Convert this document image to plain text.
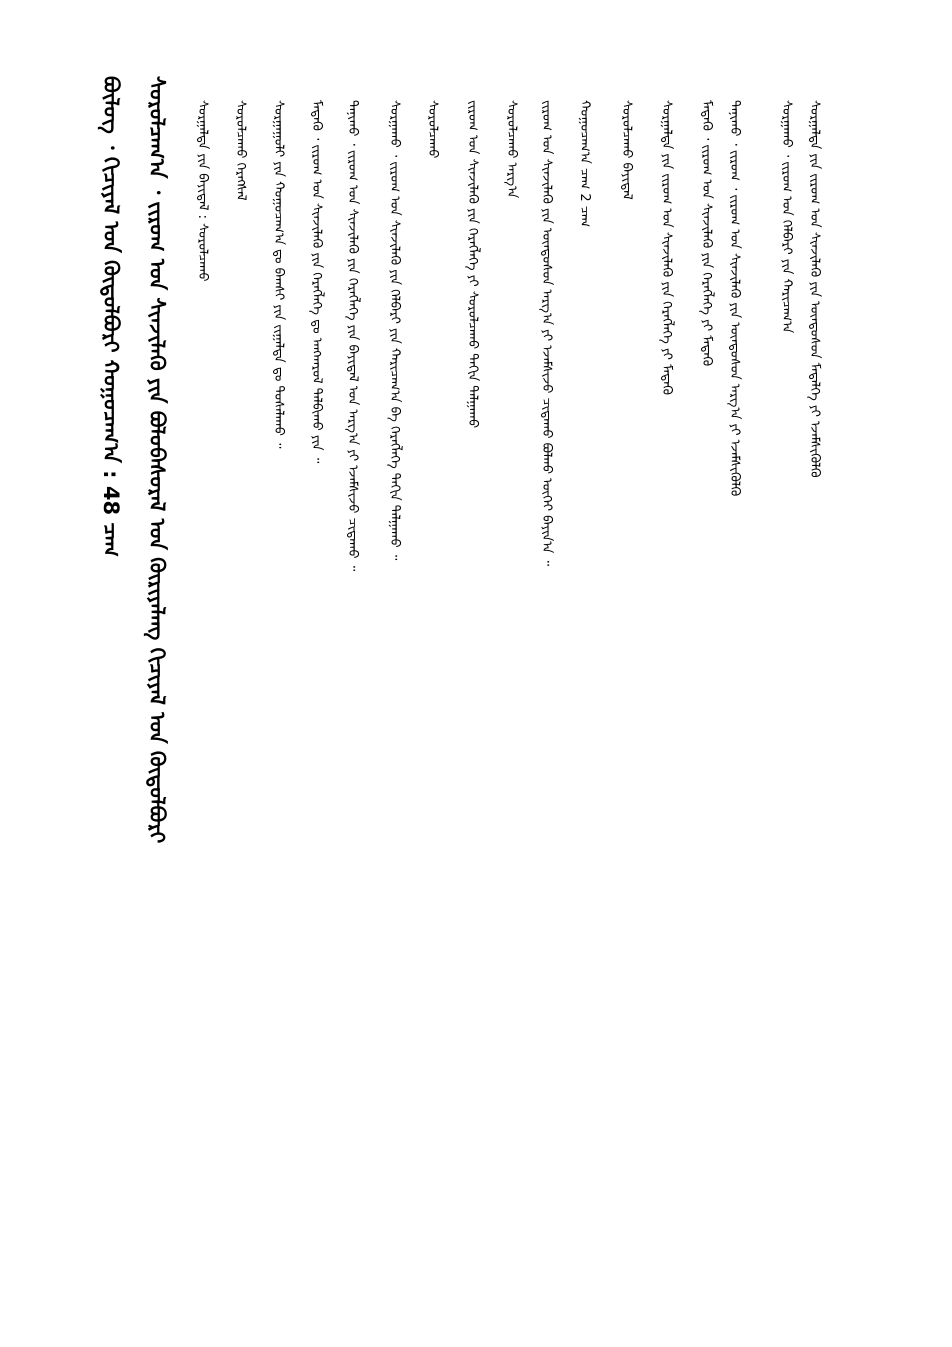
ᠰᠤᠷᠭᠠᠯᠲᠠ ᠶᠢᠨ ᠵᠢᠷᠤᠭ ᠤᠨ ᠰᠢᠨᠵᠢᠯᠡᠬᠦ ᠶᠢᠨ ᠦᠨᠳᠦᠰᠦᠨ ᠮᠡᠳᠡᠯᠭᠡ ᠶᠢ ᠡᠵᠡᠮᠰᠢᠭᠦᠯᠬᠦ
ᠰᠤᠷᠭᠠᠬᠤ ᠂ ᠵᠢᠷᠤᠭ ᠤᠨ ᠬᠡᠯᠪᠡᠷᠢ ᠶᠢᠨ ᠬᠠᠷᠢᠴᠠᠭ᠎ᠠ
ᠲᠠᠨᠢᠬᠤ ᠂ ᠵᠢᠷᠤᠭ ᠂ ᠵᠢᠷᠤᠭ ᠤᠨ ᠰᠢᠨᠵᠢᠯᠡᠬᠦ ᠶᠢᠨ ᠦᠨᠳᠦᠰᠦᠨ ᠠᠷᠭ᠎ᠠ ᠶᠢ ᠡᠵᠡᠮᠰᠢᠭᠦᠯᠬᠦ
ᠮᠡᠳᠡᠬᠦ ᠂ ᠵᠢᠷᠤᠭ ᠤᠨ ᠰᠢᠨᠵᠢᠯᠡᠬᠦ ᠶᠢᠨ ᠬᠡᠷᠡᠭᠯᠡᠭᠡ ᠶᠢ ᠮᠡᠳᠡᠬᠦ
ᠰᠤᠷᠭᠠᠯᠲᠠ ᠶᠢᠨ ᠵᠢᠷᠤᠭ ᠤᠨ ᠰᠢᠨᠵᠢᠯᠡᠬᠦ ᠶᠢᠨ ᠬᠡᠷᠡᠭᠯᠡᠭᠡ ᠶᠢ ᠮᠡᠳᠡᠬᠦ
ᠰᠤᠷᠤᠯᠴᠠᠬᠤ ᠪᠠᠶᠢᠳᠠᠯ
ᠬᠤᠭᠤᠴᠠᠭ᠎ᠠ ᠴᠠᠭ 2 ᠴᠠᠭ
ᠵᠢᠷᠤᠭ ᠤᠨ ᠰᠢᠨᠵᠢᠯᠡᠬᠦ ᠶᠢᠨ ᠦᠨᠳᠦᠰᠦᠨ ᠠᠷᠭ᠎ᠠ ᠶᠢ ᠡᠵᠡᠮᠰᠢᠵᠦ ᠴᠢᠳᠠᠬᠤ ᠪᠣᠯᠬᠤ ᠦᠭᠡᠢ ᠪᠠᠶᠢᠨ᠎ᠠ ᠃
ᠰᠤᠷᠤᠯᠴᠠᠬᠤ ᠠᠷᠭ᠎ᠠ
ᠵᠢᠷᠤᠭ ᠤᠨ ᠰᠢᠨᠵᠢᠯᠡᠬᠦ ᠶᠢᠨ ᠬᠡᠷᠡᠭᠯᠡᠭᠡ ᠶᠢ ᠰᠤᠷᠤᠯᠴᠠᠬᠤ ᠳᠠᠬᠢᠨ ᠳᠠᠯᠭᠠᠬᠤ
ᠰᠤᠷᠤᠯᠴᠠᠬᠤ
ᠰᠤᠷᠭᠠᠬᠤ ᠂ ᠵᠢᠷᠤᠭ ᠤᠨ ᠰᠢᠨᠵᠢᠯᠡᠬᠦ ᠶᠢᠨ ᠬᠡᠯᠪᠡᠷᠢ ᠶᠢᠨ ᠬᠠᠷᠢᠴᠠᠭ᠎ᠠ ᠪᠠ ᠬᠡᠷᠡᠭᠯᠡᠭᠡ ᠳᠠᠬᠢᠨ ᠳᠠᠯᠭᠠᠬᠤ ᠃
ᠲᠠᠨᠢᠬᠤ ᠂ ᠵᠢᠷᠤᠭ ᠤᠨ ᠰᠢᠨᠵᠢᠯᠡᠬᠦ ᠶᠢᠨ ᠬᠡᠷᠡᠭᠯᠡᠭᠡ ᠶᠢᠨ ᠪᠠᠶᠢᠳᠠᠯ ᠤᠨ ᠠᠷᠭ᠎ᠠ ᠶᠢ ᠡᠵᠡᠮᠰᠢᠵᠦ ᠴᠢᠳᠠᠬᠤ ᠃
ᠮᠡᠳᠡᠬᠦ ᠂ ᠵᠢᠷᠤᠭ ᠤᠨ ᠰᠢᠨᠵᠢᠯᠡᠬᠦ ᠶᠢᠨ ᠬᠡᠷᠡᠭᠯᠡᠭᠡ ᠳᠤ ᠠᠩᠬᠠᠷᠤᠯ ᠲᠠᠯᠪᠢᠬᠤ ᠶᠢᠨ ᠃
ᠰᠤᠷᠭᠠᠭᠤᠯᠢ ᠶᠢᠨ ᠬᠤᠭᠤᠴᠠᠭ᠎ᠠ ᠳᠤ ᠪᠠᠭᠰᠢ ᠶᠢᠨ ᠵᠢᠭᠠᠯᠲᠠ ᠳᠤ ᠲᠤᠰᠠᠯᠠᠬᠤ ᠃
ᠰᠤᠷᠤᠯᠴᠠᠬᠤ ᠬᠡᠷᠡᠭᠰᠡᠯ
ᠰᠤᠷᠭᠠᠯᠲᠠ ᠶᠢᠨ ᠪᠠᠶᠢᠳᠠᠯ : ᠰᠤᠷᠤᠯᠴᠠᠬᠤ
ᠰᠤᠷᠤᠯᠴᠠᠭ᠎ᠠ ᠂ ᠵᠢᠷᠤᠭ ᠤᠨ ᠰᠢᠨᠵᠢᠯᠡᠬᠦ ᠶᠢᠨ ᠪᠣᠯᠣᠪᠠᠰᠤᠷᠠᠯ ᠤᠨ ᠬᠦᠷᠢᠶᠡᠯᠡᠩ ᠬᠢᠴᠢᠶᠡᠯ ᠤᠨ ᠬᠥᠲᠦᠯᠪᠦᠷᠢ
ᠪᠦᠯᠦᠭ ᠂ ᠬᠢᠴᠢᠶᠡᠯ ᠤᠨ ᠬᠥᠲᠦᠯᠪᠦᠷᠢ ᠬᠤᠭᠤᠴᠠᠭ᠎ᠠ : 48 ᠴᠠᠭ
